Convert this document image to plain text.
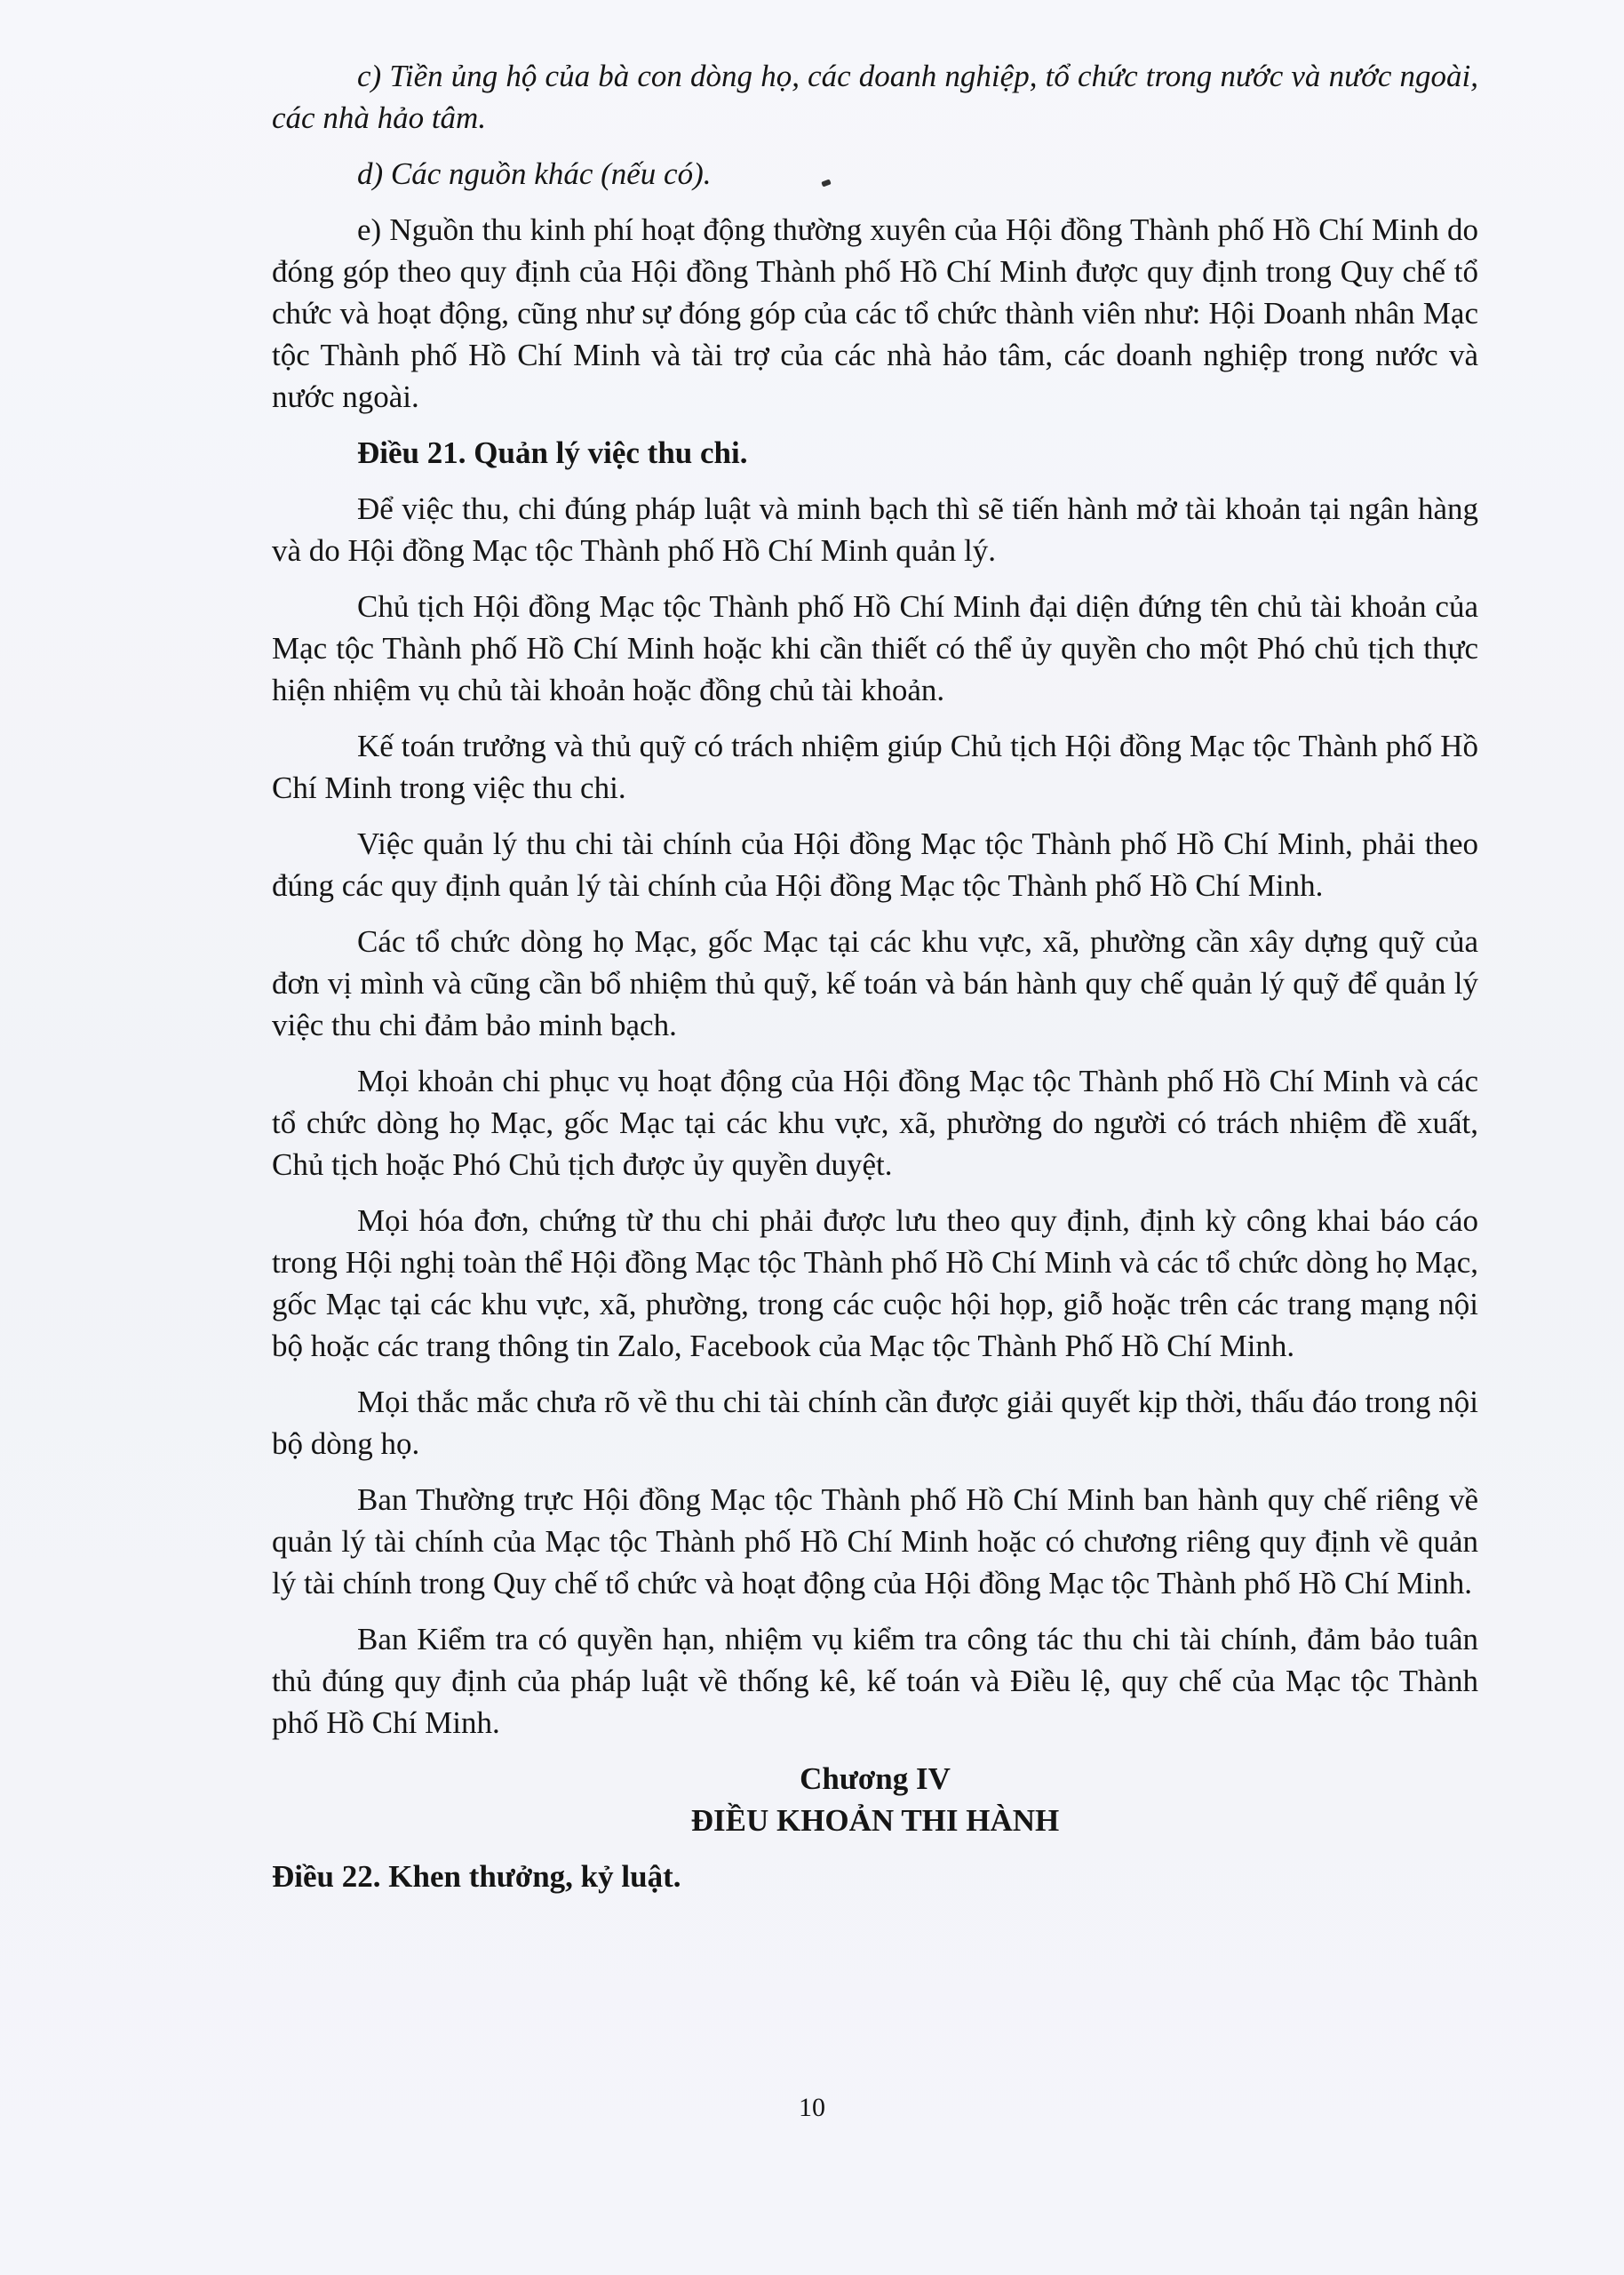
c) Tiền ủng hộ của bà con dòng họ, các doanh nghiệp, tổ chức trong nước và nước ngoài, các nhà hảo tâm.

d) Các nguồn khác (nếu có).

e) Nguồn thu kinh phí hoạt động thường xuyên của Hội đồng Thành phố Hồ Chí Minh do đóng góp theo quy định của Hội đồng Thành phố Hồ Chí Minh được quy định trong Quy chế tổ chức và hoạt động, cũng như sự đóng góp của các tổ chức thành viên như: Hội Doanh nhân Mạc tộc Thành phố Hồ Chí Minh và tài trợ của các nhà hảo tâm, các doanh nghiệp trong nước và nước ngoài.

Điều 21. Quản lý việc thu chi.

Để việc thu, chi đúng pháp luật và minh bạch thì sẽ tiến hành mở tài khoản tại ngân hàng và do Hội đồng Mạc tộc Thành phố Hồ Chí Minh quản lý.

Chủ tịch Hội đồng Mạc tộc Thành phố Hồ Chí Minh đại diện đứng tên chủ tài khoản của Mạc tộc Thành phố Hồ Chí Minh hoặc khi cần thiết có thể ủy quyền cho một Phó chủ tịch thực hiện nhiệm vụ chủ tài khoản hoặc đồng chủ tài khoản.

Kế toán trưởng và thủ quỹ có trách nhiệm giúp Chủ tịch Hội đồng Mạc tộc Thành phố Hồ Chí Minh trong việc thu chi.

Việc quản lý thu chi tài chính của Hội đồng Mạc tộc Thành phố Hồ Chí Minh, phải theo đúng các quy định quản lý tài chính của Hội đồng Mạc tộc Thành phố Hồ Chí Minh.

Các tổ chức dòng họ Mạc, gốc Mạc tại các khu vực, xã, phường cần xây dựng quỹ của đơn vị mình và cũng cần bổ nhiệm thủ quỹ, kế toán và bán hành quy chế quản lý quỹ để quản lý việc thu chi đảm bảo minh bạch.

Mọi khoản chi phục vụ hoạt động của Hội đồng Mạc tộc Thành phố Hồ Chí Minh và các tổ chức dòng họ Mạc, gốc Mạc tại các khu vực, xã, phường do người có trách nhiệm đề xuất, Chủ tịch hoặc Phó Chủ tịch được ủy quyền duyệt.

Mọi hóa đơn, chứng từ thu chi phải được lưu theo quy định, định kỳ công khai báo cáo trong Hội nghị toàn thể Hội đồng Mạc tộc Thành phố Hồ Chí Minh và các tổ chức dòng họ Mạc, gốc Mạc tại các khu vực, xã, phường, trong các cuộc hội họp, giỗ hoặc trên các trang mạng nội bộ hoặc các trang thông tin Zalo, Facebook của Mạc tộc Thành Phố Hồ Chí Minh.

Mọi thắc mắc chưa rõ về thu chi tài chính cần được giải quyết kịp thời, thấu đáo trong nội bộ dòng họ.

Ban Thường trực Hội đồng Mạc tộc Thành phố Hồ Chí Minh ban hành quy chế riêng về quản lý tài chính của Mạc tộc Thành phố Hồ Chí Minh hoặc có chương riêng quy định về quản lý tài chính trong Quy chế tổ chức và hoạt động của Hội đồng Mạc tộc Thành phố Hồ Chí Minh.

Ban Kiểm tra có quyền hạn, nhiệm vụ kiểm tra công tác thu chi tài chính, đảm bảo tuân thủ đúng quy định của pháp luật về thống kê, kế toán và Điều lệ, quy chế của Mạc tộc Thành phố Hồ Chí Minh.

Chương IV

ĐIỀU KHOẢN THI HÀNH

Điều 22. Khen thưởng, kỷ luật.

10
